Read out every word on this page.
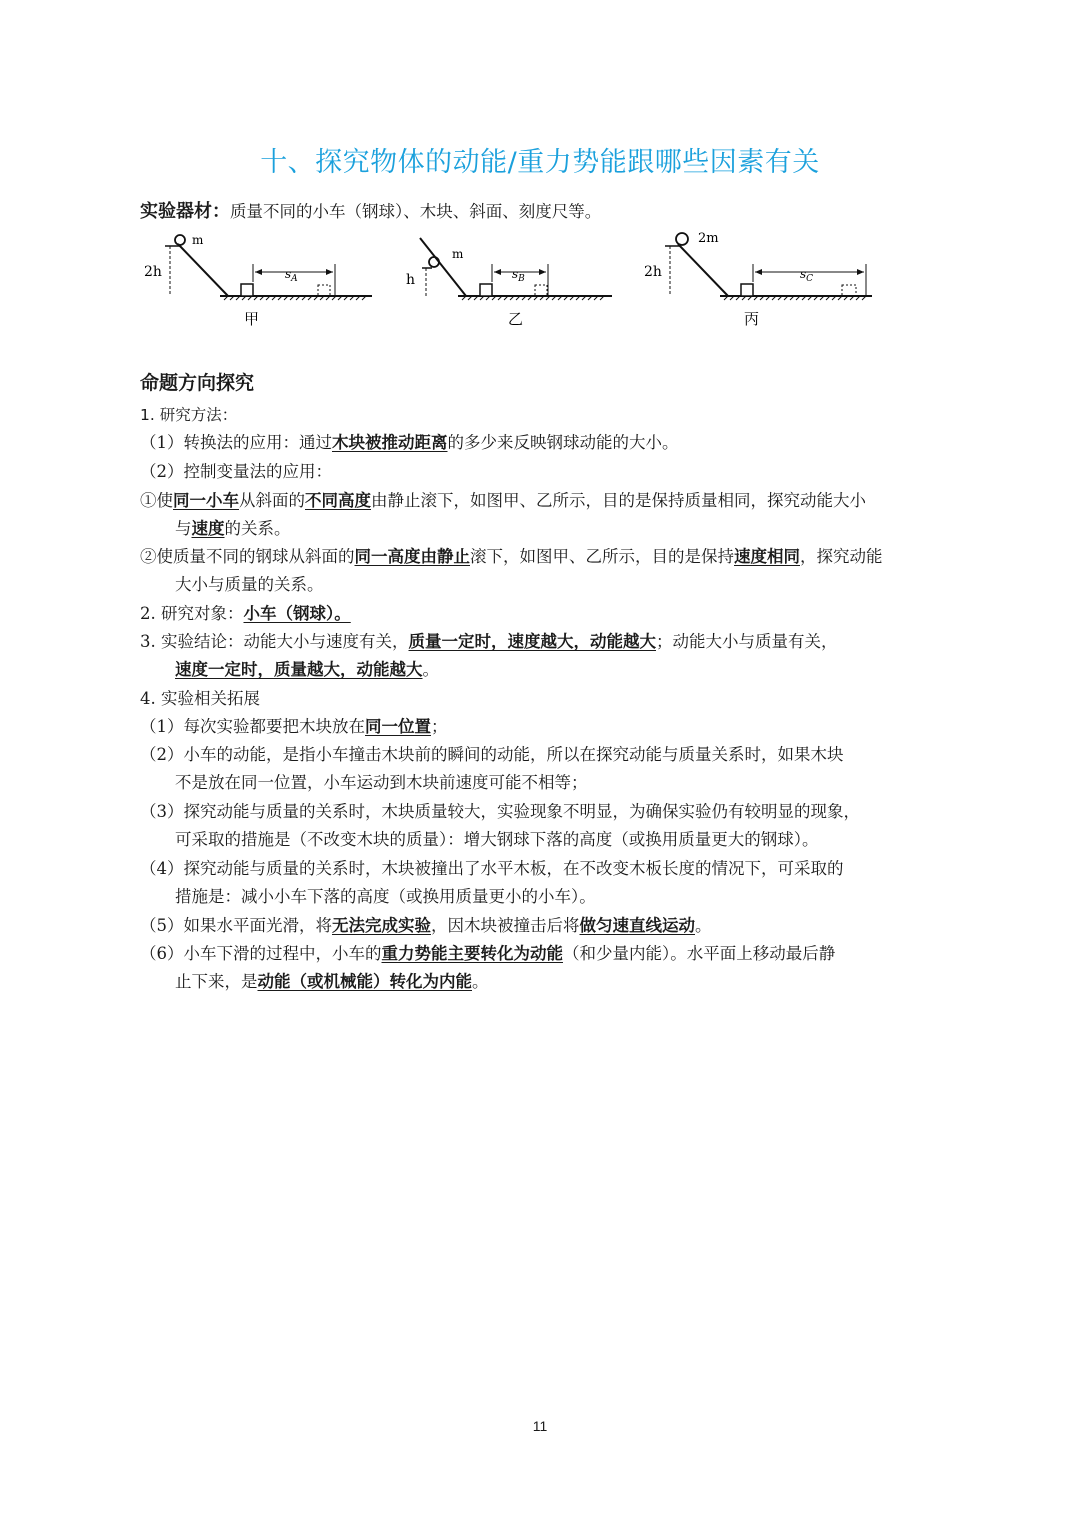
十、探究物体的动能/重力势能跟哪些因素有关
实验器材：质量不同的小车（钢球）、木块、斜面、刻度尺等。
m
2h	$s_A$
甲
m
h	$s_B$
乙
2m
2h	$s_C$
丙
命题方向探究
1. 研究方法：
（1）转换法的应用：通过木块被推动距离的多少来反映钢球动能的大小。
（2）控制变量法的应用：
①使同一小车从斜面的不同高度由静止滚下，如图甲、乙所示，目的是保持质量相同，探究动能大小
与速度的关系。
②使质量不同的钢球从斜面的同一高度由静止滚下，如图甲、乙所示，目的是保持速度相同，探究动能
大小与质量的关系。
2. 研究对象：小车（钢球）。
3. 实验结论：动能大小与速度有关，质量一定时，速度越大，动能越大；动能大小与质量有关，
速度一定时，质量越大，动能越大。
4. 实验相关拓展
（1）每次实验都要把木块放在同一位置；
（2）小车的动能，是指小车撞击木块前的瞬间的动能，所以在探究动能与质量关系时，如果木块
不是放在同一位置，小车运动到木块前速度可能不相等；
（3）探究动能与质量的关系时，木块质量较大，实验现象不明显，为确保实验仍有较明显的现象，
可采取的措施是（不改变木块的质量）：增大钢球下落的高度（或换用质量更大的钢球）。
（4）探究动能与质量的关系时，木块被撞出了水平木板，在不改变木板长度的情况下，可采取的
措施是：减小小车下落的高度（或换用质量更小的小车）。
（5）如果水平面光滑，将无法完成实验，因木块被撞击后将做匀速直线运动。
（6）小车下滑的过程中，小车的重力势能主要转化为动能（和少量内能）。水平面上移动最后静
止下来，是动能（或机械能）转化为内能。
11
